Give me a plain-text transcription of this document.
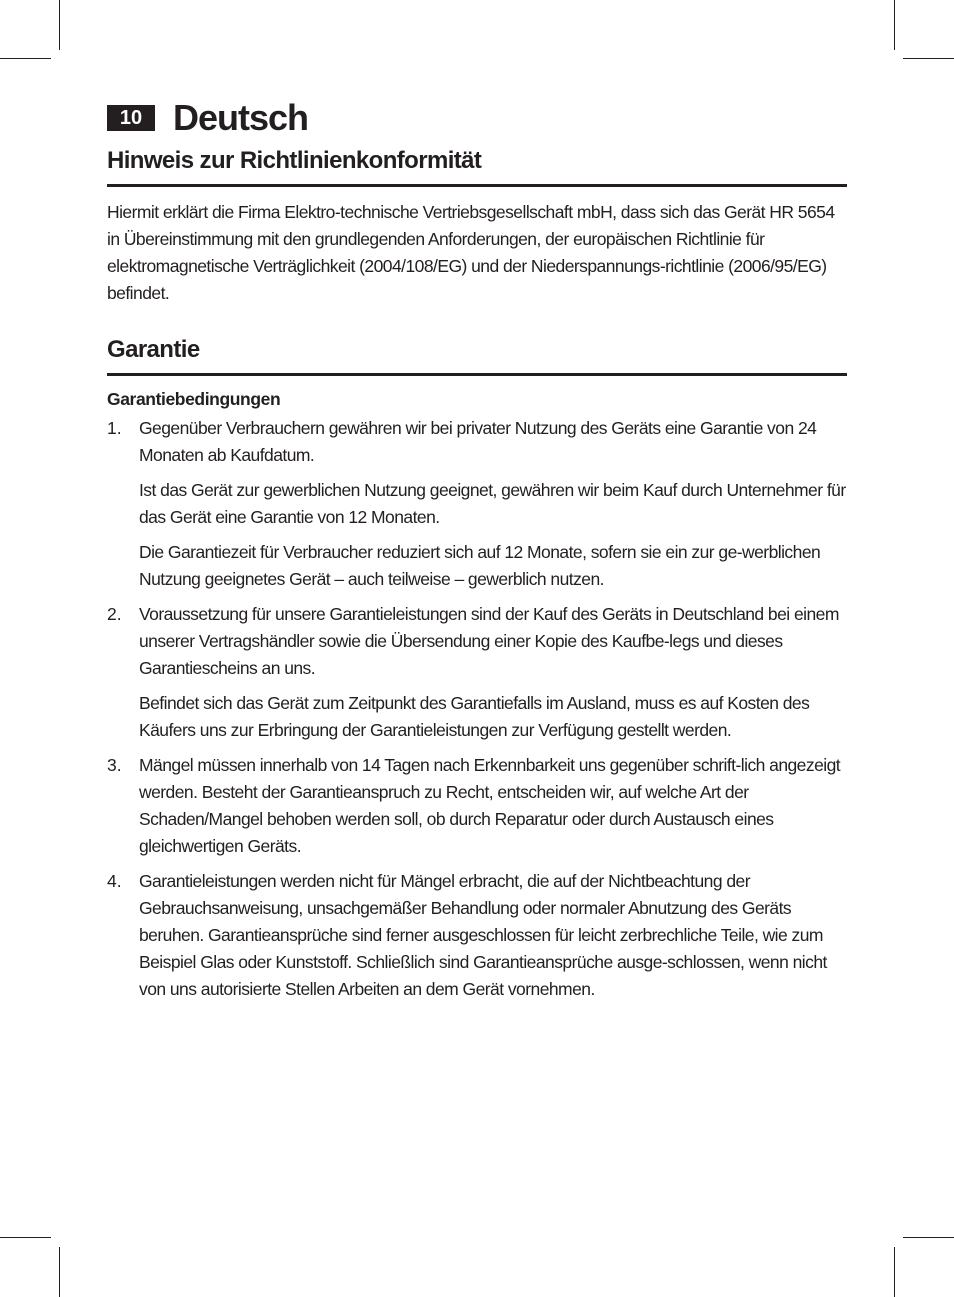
10 Deutsch
Hinweis zur Richtlinienkonformität

Hiermit erklärt die Firma Elektro-technische Vertriebsgesellschaft mbH, dass sich das Gerät HR 5654 in Übereinstimmung mit den grundlegenden Anforderungen, der europäischen Richtlinie für elektromagnetische Verträglichkeit (2004/108/EG) und der Niederspannungs-richtlinie (2006/95/EG) befindet.

Garantie
Garantiebedingungen
1. Gegenüber Verbrauchern gewähren wir bei privater Nutzung des Geräts eine Garantie von 24 Monaten ab Kaufdatum.

Ist das Gerät zur gewerblichen Nutzung geeignet, gewähren wir beim Kauf durch Unternehmer für das Gerät eine Garantie von 12 Monaten.

Die Garantiezeit für Verbraucher reduziert sich auf 12 Monate, sofern sie ein zur ge-werblichen Nutzung geeignetes Gerät – auch teilweise – gewerblich nutzen.

2. Voraussetzung für unsere Garantieleistungen sind der Kauf des Geräts in Deutschland bei einem unserer Vertragshändler sowie die Übersendung einer Kopie des Kaufbe-legs und dieses Garantiescheins an uns.

Befindet sich das Gerät zum Zeitpunkt des Garantiefalls im Ausland, muss es auf Kosten des Käufers uns zur Erbringung der Garantieleistungen zur Verfügung gestellt werden.

3. Mängel müssen innerhalb von 14 Tagen nach Erkennbarkeit uns gegenüber schrift-lich angezeigt werden. Besteht der Garantieanspruch zu Recht, entscheiden wir, auf welche Art der Schaden/Mangel behoben werden soll, ob durch Reparatur oder durch Austausch eines gleichwertigen Geräts.

4. Garantieleistungen werden nicht für Mängel erbracht, die auf der Nichtbeachtung der Gebrauchsanweisung, unsachgemäßer Behandlung oder normaler Abnutzung des Geräts beruhen. Garantieansprüche sind ferner ausgeschlossen für leicht zerbrechliche Teile, wie zum Beispiel Glas oder Kunststoff. Schließlich sind Garantieansprüche ausge-schlossen, wenn nicht von uns autorisierte Stellen Arbeiten an dem Gerät vornehmen.
